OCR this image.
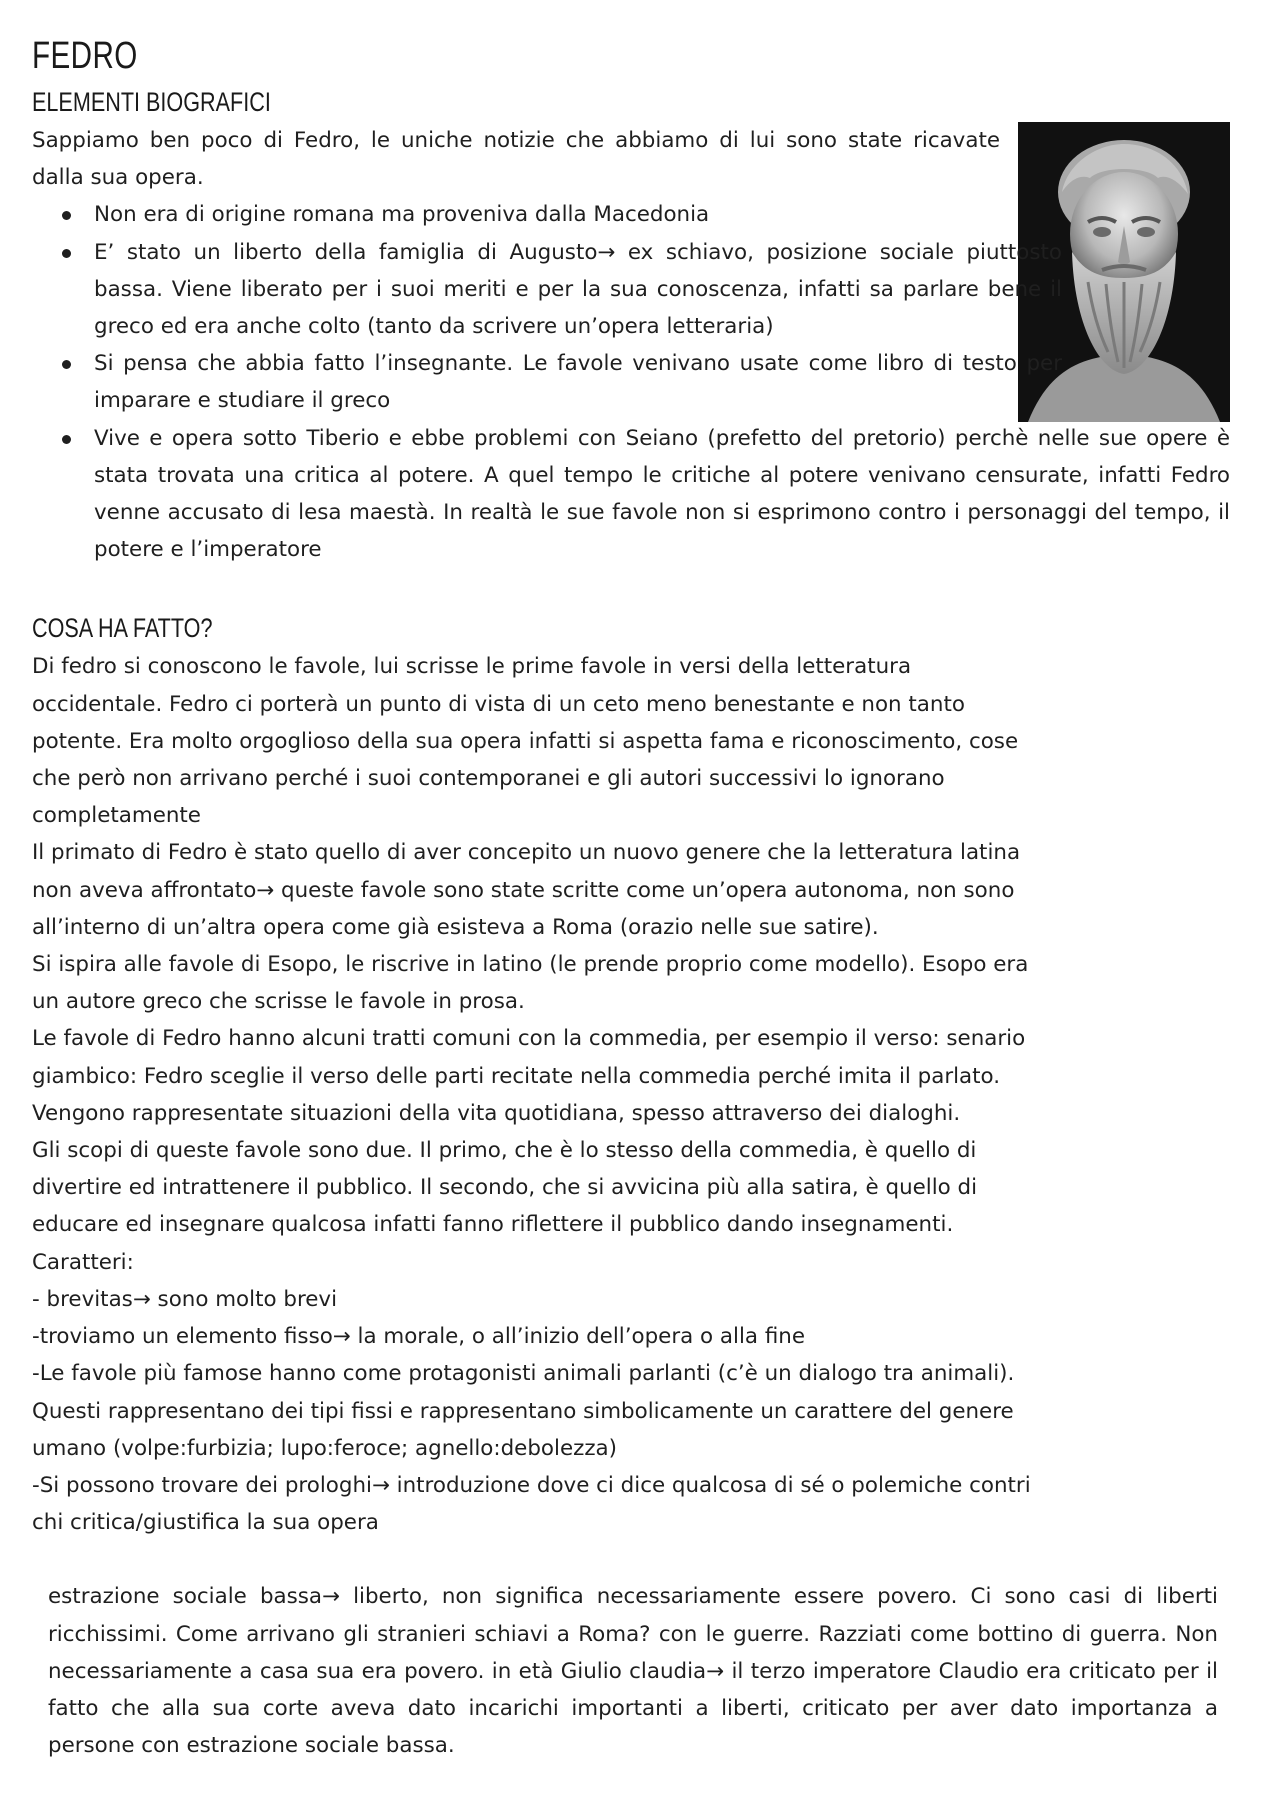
FEDRO
ELEMENTI BIOGRAFICI

Sappiamo ben poco di Fedro, le uniche notizie che abbiamo di lui sono state ricavate dalla sua opera.

Non era di origine romana ma proveniva dalla Macedonia
E’ stato un liberto della famiglia di Augusto→ ex schiavo, posizione sociale piuttosto bassa. Viene liberato per i suoi meriti e per la sua conoscenza, infatti sa parlare bene il greco ed era anche colto (tanto da scrivere un’opera letteraria)
Si pensa che abbia fatto l’insegnante. Le favole venivano usate come libro di testo per imparare e studiare il greco
Vive e opera sotto Tiberio e ebbe problemi con Seiano (prefetto del pretorio) perchè nelle sue opere è stata trovata una critica al potere. A quel tempo le critiche al potere venivano censurate, infatti Fedro venne accusato di lesa maestà. In realtà le sue favole non si esprimono contro i personaggi del tempo, il potere e l’imperatore
COSA HA FATTO?

Di fedro si conoscono le favole, lui scrisse le prime favole in versi della letteratura occidentale. Fedro ci porterà un punto di vista di un ceto meno benestante e non tanto potente. Era molto orgoglioso della sua opera infatti si aspetta fama e riconoscimento, cose che però non arrivano perché i suoi contemporanei e gli autori successivi lo ignorano completamente

Il primato di Fedro è stato quello di aver concepito un nuovo genere che la letteratura latina non aveva affrontato→ queste favole sono state scritte come un’opera autonoma, non sono all’interno di un’altra opera come già esisteva a Roma (orazio nelle sue satire).

Si ispira alle favole di Esopo, le riscrive in latino (le prende proprio come modello). Esopo era un autore greco che scrisse le favole in prosa.

Le favole di Fedro hanno alcuni tratti comuni con la commedia, per esempio il verso: senario giambico: Fedro sceglie il verso delle parti recitate nella commedia perché imita il parlato. Vengono rappresentate situazioni della vita quotidiana, spesso attraverso dei dialoghi.

Gli scopi di queste favole sono due. Il primo, che è lo stesso della commedia, è quello di divertire ed intrattenere il pubblico. Il secondo, che si avvicina più alla satira, è quello di educare ed insegnare qualcosa infatti fanno riflettere il pubblico dando insegnamenti.

Caratteri:

- brevitas→ sono molto brevi

-troviamo un elemento fisso→ la morale, o all’inizio dell’opera o alla fine

-Le favole più famose hanno come protagonisti animali parlanti (c’è un dialogo tra animali). Questi rappresentano dei tipi fissi e rappresentano simbolicamente un carattere del genere umano (volpe:furbizia; lupo:feroce; agnello:debolezza)

-Si possono trovare dei prologhi→ introduzione dove ci dice qualcosa di sé o polemiche contri chi critica/giustifica la sua opera

estrazione sociale bassa→ liberto, non significa necessariamente essere povero. Ci sono casi di liberti ricchissimi. Come arrivano gli stranieri schiavi a Roma? con le guerre. Razziati come bottino di guerra. Non necessariamente a casa sua era povero. in età Giulio claudia→ il terzo imperatore Claudio era criticato per il fatto che alla sua corte aveva dato incarichi importanti a liberti, criticato per aver dato importanza a persone con estrazione sociale bassa.
